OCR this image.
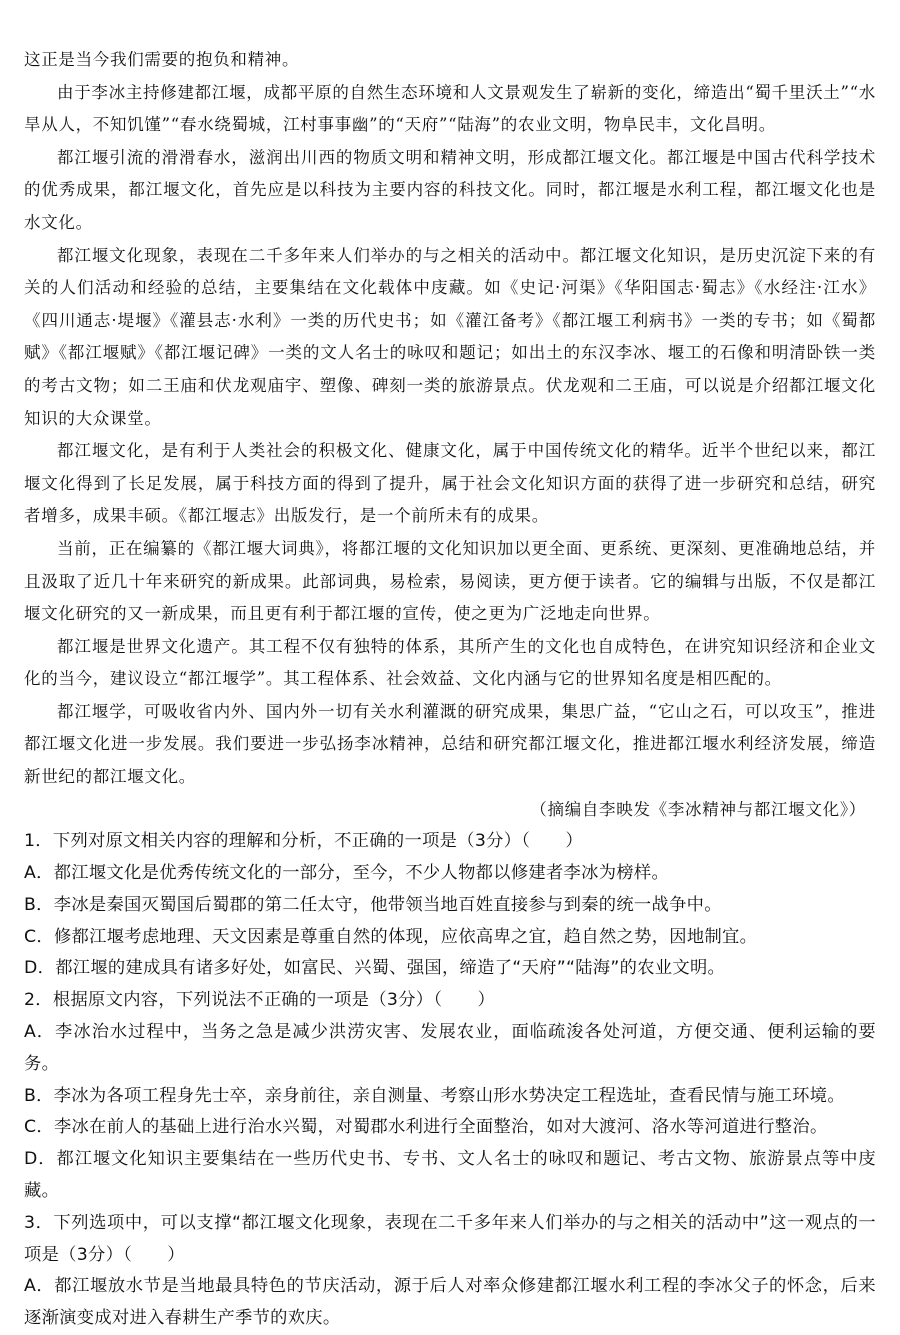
这正是当今我们需要的抱负和精神。

由于李冰主持修建都江堰，成都平原的自然生态环境和人文景观发生了崭新的变化，缔造出“蜀千里沃土”“水旱从人，不知饥馑”“春水绕蜀城，江村事事幽”的“天府”“陆海”的农业文明，物阜民丰，文化昌明。

都江堰引流的滑滑春水，滋润出川西的物质文明和精神文明，形成都江堰文化。都江堰是中国古代科学技术的优秀成果，都江堰文化，首先应是以科技为主要内容的科技文化。同时，都江堰是水利工程，都江堰文化也是水文化。

都江堰文化现象，表现在二千多年来人们举办的与之相关的活动中。都江堰文化知识，是历史沉淀下来的有关的人们活动和经验的总结，主要集结在文化载体中庋藏。如《史记·河渠》《华阳国志·蜀志》《水经注·江水》《四川通志·堤堰》《灌县志·水利》一类的历代史书；如《灌江备考》《都江堰工利病书》一类的专书；如《蜀都赋》《都江堰赋》《都江堰记碑》一类的文人名士的咏叹和题记；如出土的东汉李冰、堰工的石像和明清卧铁一类的考古文物；如二王庙和伏龙观庙宇、塑像、碑刻一类的旅游景点。伏龙观和二王庙，可以说是介绍都江堰文化知识的大众课堂。

都江堰文化，是有利于人类社会的积极文化、健康文化，属于中国传统文化的精华。近半个世纪以来，都江堰文化得到了长足发展，属于科技方面的得到了提升，属于社会文化知识方面的获得了进一步研究和总结，研究者增多，成果丰硕。《都江堰志》出版发行，是一个前所未有的成果。

当前，正在编纂的《都江堰大词典》，将都江堰的文化知识加以更全面、更系统、更深刻、更准确地总结，并且汲取了近几十年来研究的新成果。此部词典，易检索，易阅读，更方便于读者。它的编辑与出版，不仅是都江堰文化研究的又一新成果，而且更有利于都江堰的宣传，使之更为广泛地走向世界。

都江堰是世界文化遗产。其工程不仅有独特的体系，其所产生的文化也自成特色，在讲究知识经济和企业文化的当今，建议设立“都江堰学”。其工程体系、社会效益、文化内涵与它的世界知名度是相匹配的。

都江堰学，可吸收省内外、国内外一切有关水利灌溉的研究成果，集思广益，“它山之石，可以攻玉”，推进都江堰文化进一步发展。我们要进一步弘扬李冰精神，总结和研究都江堰文化，推进都江堰水利经济发展，缔造新世纪的都江堰文化。

（摘编自李映发《李冰精神与都江堰文化》）

1．下列对原文相关内容的理解和分析，不正确的一项是（3分）（　　）

A．都江堰文化是优秀传统文化的一部分，至今，不少人物都以修建者李冰为榜样。

B．李冰是秦国灭蜀国后蜀郡的第二任太守，他带领当地百姓直接参与到秦的统一战争中。

C．修都江堰考虑地理、天文因素是尊重自然的体现，应依高卑之宜，趋自然之势，因地制宜。

D．都江堰的建成具有诸多好处，如富民、兴蜀、强国，缔造了“天府”“陆海”的农业文明。

2．根据原文内容，下列说法不正确的一项是（3分）（　　）

A．李冰治水过程中，当务之急是减少洪涝灾害、发展农业，面临疏浚各处河道，方便交通、便利运输的要务。

B．李冰为各项工程身先士卒，亲身前往，亲自测量、考察山形水势决定工程选址，查看民情与施工环境。

C．李冰在前人的基础上进行治水兴蜀，对蜀郡水利进行全面整治，如对大渡河、洛水等河道进行整治。

D．都江堰文化知识主要集结在一些历代史书、专书、文人名士的咏叹和题记、考古文物、旅游景点等中庋藏。

3．下列选项中，可以支撑“都江堰文化现象，表现在二千多年来人们举办的与之相关的活动中”这一观点的一项是（3分）（　　）

A．都江堰放水节是当地最具特色的节庆活动，源于后人对率众修建都江堰水利工程的李冰父子的怀念，后来逐渐演变成对进入春耕生产季节的欢庆。
